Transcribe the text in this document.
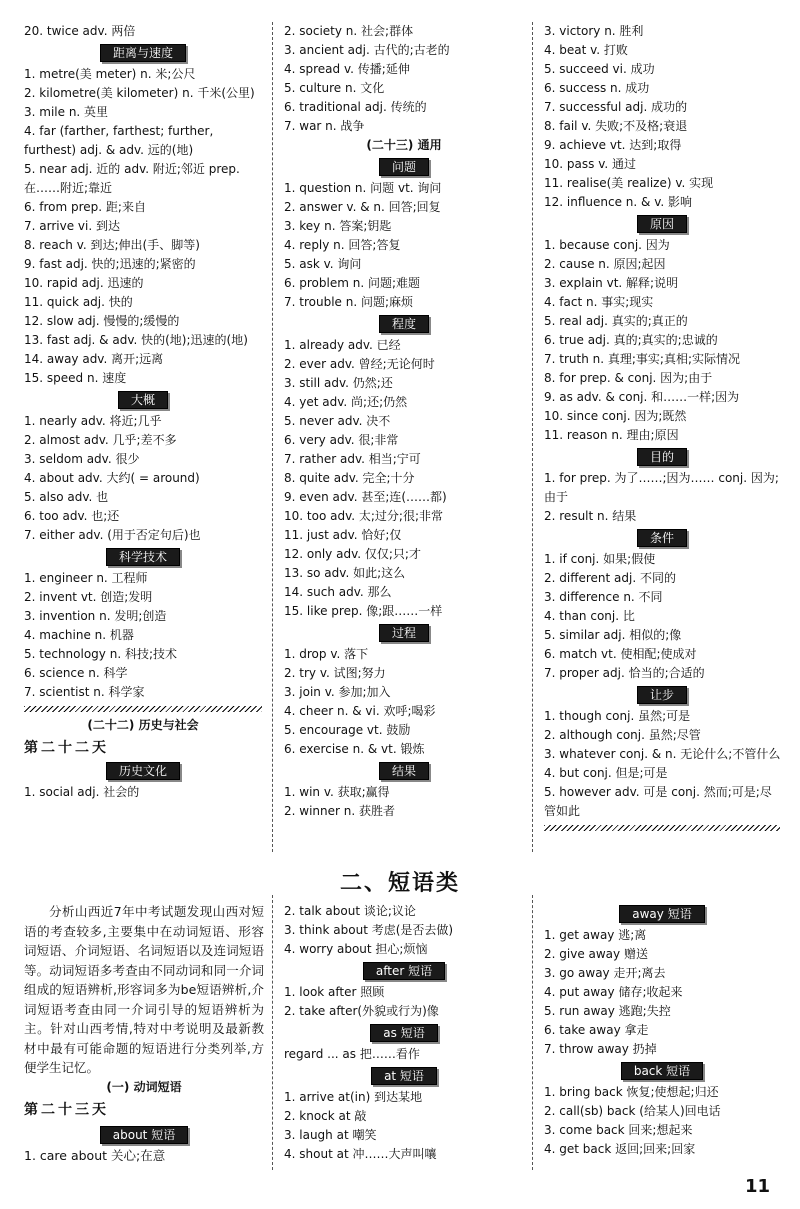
20. twice adv. 两倍
距离与速度
1. metre(美 meter) n. 米;公尺
2. kilometre(美 kilometer) n. 千米(公里)
3. mile n. 英里
4. far (farther, farthest; further, furthest) adj. & adv. 远的(地)
5. near adj. 近的 adv. 附近;邻近 prep. 在……附近;靠近
6. from prep. 距;来自
7. arrive vi. 到达
8. reach v. 到达;伸出(手、脚等)
9. fast adj. 快的;迅速的;紧密的
10. rapid adj. 迅速的
11. quick adj. 快的
12. slow adj. 慢慢的;缓慢的
13. fast adj. & adv. 快的(地);迅速的(地)
14. away adv. 离开;远离
15. speed n. 速度
大概
1. nearly adv. 将近;几乎
2. almost adv. 几乎;差不多
3. seldom adv. 很少
4. about adv. 大约( = around)
5. also adv. 也
6. too adv. 也;还
7. either adv. (用于否定句后)也
科学技术
1. engineer n. 工程师
2. invent vt. 创造;发明
3. invention n. 发明;创造
4. machine n. 机器
5. technology n. 科技;技术
6. science n. 科学
7. scientist n. 科学家
(二十二) 历史与社会
第二十二天
历史文化
1. social adj. 社会的
2. society n. 社会;群体
3. ancient adj. 古代的;古老的
4. spread v. 传播;延伸
5. culture n. 文化
6. traditional adj. 传统的
7. war n. 战争
(二十三) 通用
问题
1. question n. 问题 vt. 询问
2. answer v. & n. 回答;回复
3. key n. 答案;钥匙
4. reply n. 回答;答复
5. ask v. 询问
6. problem n. 问题;难题
7. trouble n. 问题;麻烦
程度
1. already adv. 已经
2. ever adv. 曾经;无论何时
3. still adv. 仍然;还
4. yet adv. 尚;还;仍然
5. never adv. 决不
6. very adv. 很;非常
7. rather adv. 相当;宁可
8. quite adv. 完全;十分
9. even adv. 甚至;连(……都)
10. too adv. 太;过分;很;非常
11. just adv. 恰好;仅
12. only adv. 仅仅;只;才
13. so adv. 如此;这么
14. such adv. 那么
15. like prep. 像;跟……一样
过程
1. drop v. 落下
2. try v. 试图;努力
3. join v. 参加;加入
4. cheer n. & vi. 欢呼;喝彩
5. encourage vt. 鼓励
6. exercise n. & vt. 锻炼
结果
1. win v. 获取;赢得
2. winner n. 获胜者
3. victory n. 胜利
4. beat v. 打败
5. succeed vi. 成功
6. success n. 成功
7. successful adj. 成功的
8. fail v. 失败;不及格;衰退
9. achieve vt. 达到;取得
10. pass v. 通过
11. realise(美 realize) v. 实现
12. influence n. & v. 影响
原因
1. because conj. 因为
2. cause n. 原因;起因
3. explain vt. 解释;说明
4. fact n. 事实;现实
5. real adj. 真实的;真正的
6. true adj. 真的;真实的;忠诚的
7. truth n. 真理;事实;真相;实际情况
8. for prep. & conj. 因为;由于
9. as adv. & conj. 和……一样;因为
10. since conj. 因为;既然
11. reason n. 理由;原因
目的
1. for prep. 为了……;因为…… conj. 因为;由于
2. result n. 结果
条件
1. if conj. 如果;假使
2. different adj. 不同的
3. difference n. 不同
4. than conj. 比
5. similar adj. 相似的;像
6. match vt. 使相配;使成对
7. proper adj. 恰当的;合适的
让步
1. though conj. 虽然;可是
2. although conj. 虽然;尽管
3. whatever conj. & n. 无论什么;不管什么
4. but conj. 但是;可是
5. however adv. 可是 conj. 然而;可是;尽管如此
二、短语类
分析山西近7年中考试题发现山西对短语的考查较多,主要集中在动词短语、形容词短语、介词短语、名词短语以及连词短语等。动词短语多考查由不同动词和同一介词组成的短语辨析,形容词多为be短语辨析,介词短语考查由同一介词引导的短语辨析为主。针对山西考情,特对中考说明及最新教材中最有可能命题的短语进行分类列举,方便学生记忆。
(一) 动词短语
第二十三天
about 短语
1. care about 关心;在意
2. talk about 谈论;议论
3. think about 考虑(是否去做)
4. worry about 担心;烦恼
after 短语
1. look after 照顾
2. take after(外貌或行为)像
as 短语
regard ... as 把……看作
at 短语
1. arrive at(in) 到达某地
2. knock at 敲
3. laugh at 嘲笑
4. shout at 冲……大声叫嚷
away 短语
1. get away 逃;离
2. give away 赠送
3. go away 走开;离去
4. put away 储存;收起来
5. run away 逃跑;失控
6. take away 拿走
7. throw away 扔掉
back 短语
1. bring back 恢复;使想起;归还
2. call(sb) back (给某人)回电话
3. come back 回来;想起来
4. get back 返回;回来;回家
11
